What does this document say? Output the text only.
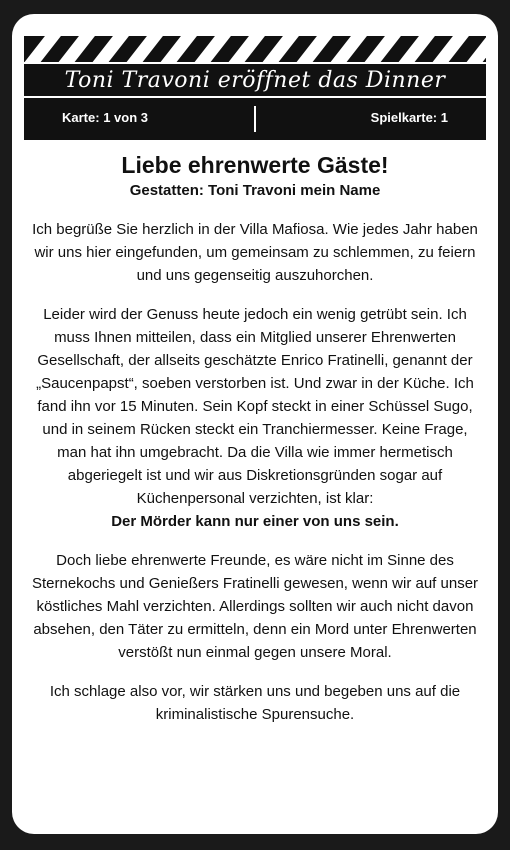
Toni Travoni eröffnet das Dinner
Karte: 1 von 3	Spielkarte: 1

Liebe ehrenwerte Gäste!

Gestatten: Toni Travoni mein Name

Ich begrüße Sie herzlich in der Villa Mafiosa. Wie jedes Jahr haben wir uns hier eingefunden, um gemeinsam zu schlemmen, zu feiern und uns gegenseitig auszuhorchen.

Leider wird der Genuss heute jedoch ein wenig getrübt sein. Ich muss Ihnen mitteilen, dass ein Mitglied unserer Ehrenwerten Gesellschaft, der allseits geschätzte Enrico Fratinelli, genannt der „Saucenpapst“, soeben verstorben ist. Und zwar in der Küche. Ich fand ihn vor 15 Minuten. Sein Kopf steckt in einer Schüssel Sugo, und in seinem Rücken steckt ein Tranchiermesser. Keine Frage, man hat ihn umgebracht. Da die Villa wie immer hermetisch abgeriegelt ist und wir aus Diskretionsgründen sogar auf Küchenpersonal verzichten, ist klar:
Der Mörder kann nur einer von uns sein.

Doch liebe ehrenwerte Freunde, es wäre nicht im Sinne des Sternekochs und Genießers Fratinelli gewesen, wenn wir auf unser köstliches Mahl verzichten. Allerdings sollten wir auch nicht davon absehen, den Täter zu ermitteln, denn ein Mord unter Ehrenwerten verstößt nun einmal gegen unsere Moral.

Ich schlage also vor, wir stärken uns und begeben uns auf die kriminalistische Spurensuche.
